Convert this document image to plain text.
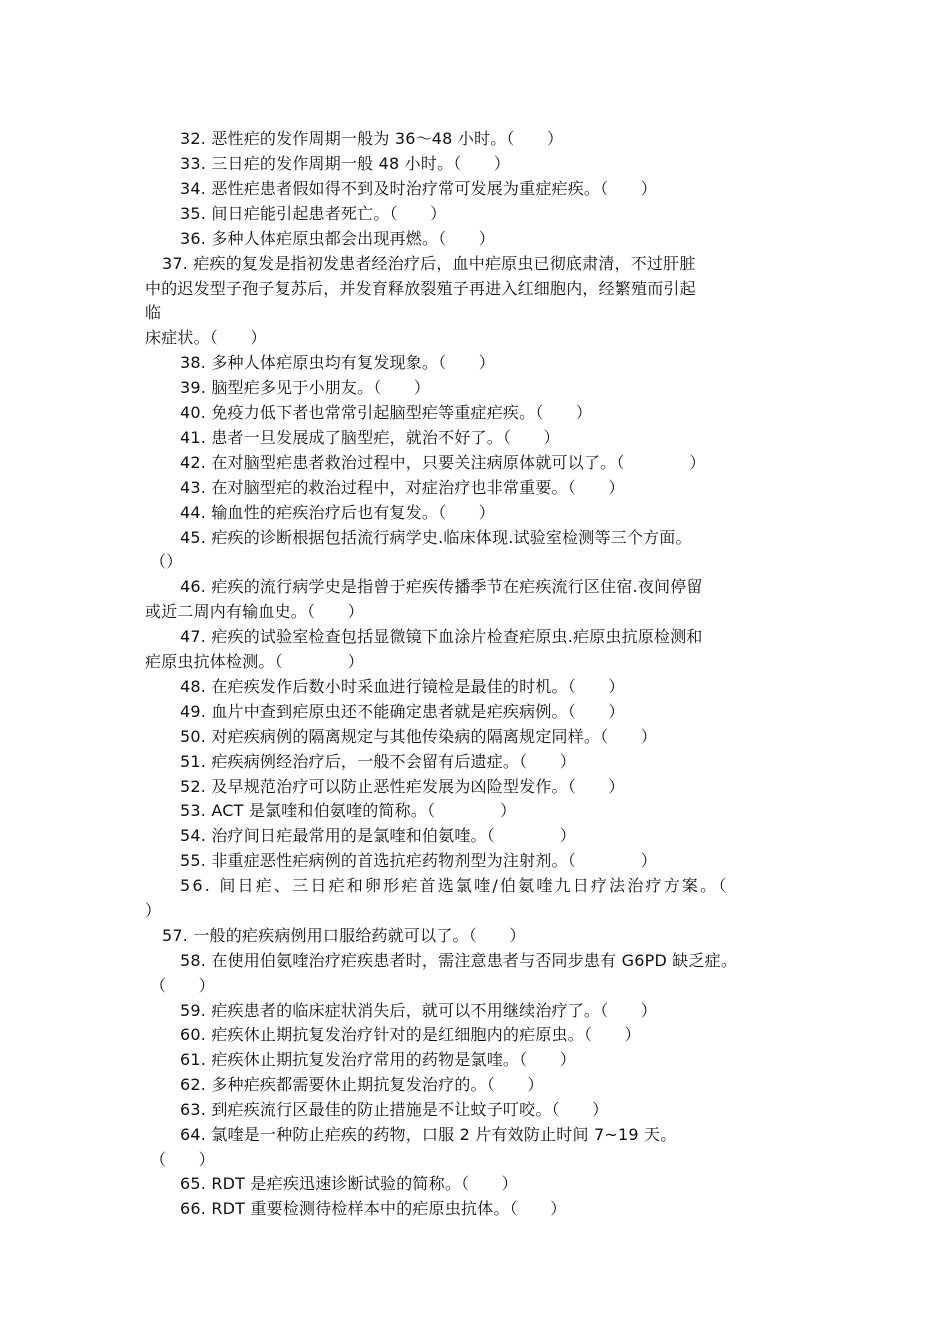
32. 恶性疟的发作周期一般为 36～48 小时。（　　）
33. 三日疟的发作周期一般 48 小时。（　　）
34. 恶性疟患者假如得不到及时治疗常可发展为重症疟疾。（　　）
35. 间日疟能引起患者死亡。（　　）
36. 多种人体疟原虫都会出现再燃。（　　）
37. 疟疾的复发是指初发患者经治疗后，血中疟原虫已彻底肃清，不过肝脏
中的迟发型子孢子复苏后，并发育释放裂殖子再进入红细胞内，经繁殖而引起
临
床症状。（　　）
38. 多种人体疟原虫均有复发现象。（　　）
39. 脑型疟多见于小朋友。（　　）
40. 免疫力低下者也常常引起脑型疟等重症疟疾。（　　）
41. 患者一旦发展成了脑型疟，就治不好了。（　　）
42. 在对脑型疟患者救治过程中，只要关注病原体就可以了。（　　　　）
43. 在对脑型疟的救治过程中，对症治疗也非常重要。（　　）
44. 输血性的疟疾治疗后也有复发。（　　）
45. 疟疾的诊断根据包括流行病学史.临床体现.试验室检测等三个方面。
（）
46. 疟疾的流行病学史是指曾于疟疾传播季节在疟疾流行区住宿.夜间停留
或近二周内有输血史。（　　）
47. 疟疾的试验室检查包括显微镜下血涂片检查疟原虫.疟原虫抗原检测和
疟原虫抗体检测。（　　　　）
48. 在疟疾发作后数小时采血进行镜检是最佳的时机。（　　）
49. 血片中查到疟原虫还不能确定患者就是疟疾病例。（　　）
50. 对疟疾病例的隔离规定与其他传染病的隔离规定同样。（　　）
51. 疟疾病例经治疗后，一般不会留有后遗症。（　　）
52. 及早规范治疗可以防止恶性疟发展为凶险型发作。（　　）
53. ACT 是氯喹和伯氨喹的简称。（　　　　）
54. 治疗间日疟最常用的是氯喹和伯氨喹。（　　　　）
55. 非重症恶性疟病例的首选抗疟药物剂型为注射剂。（　　　　）
56. 间日疟、三日疟和卵形疟首选氯喹/伯氨喹九日疗法治疗方案。（
）
57. 一般的疟疾病例用口服给药就可以了。（　　）
58. 在使用伯氨喹治疗疟疾患者时，需注意患者与否同步患有 G6PD 缺乏症。
（　　）
59. 疟疾患者的临床症状消失后，就可以不用继续治疗了。（　　）
60. 疟疾休止期抗复发治疗针对的是红细胞内的疟原虫。（　　）
61. 疟疾休止期抗复发治疗常用的药物是氯喹。（　　）
62. 多种疟疾都需要休止期抗复发治疗的。（　　）
63. 到疟疾流行区最佳的防止措施是不让蚊子叮咬。（　　）
64. 氯喹是一种防止疟疾的药物，口服 2 片有效防止时间 7~19 天。
（　　）
65. RDT 是疟疾迅速诊断试验的简称。（　　）
66. RDT 重要检测待检样本中的疟原虫抗体。（　　）
